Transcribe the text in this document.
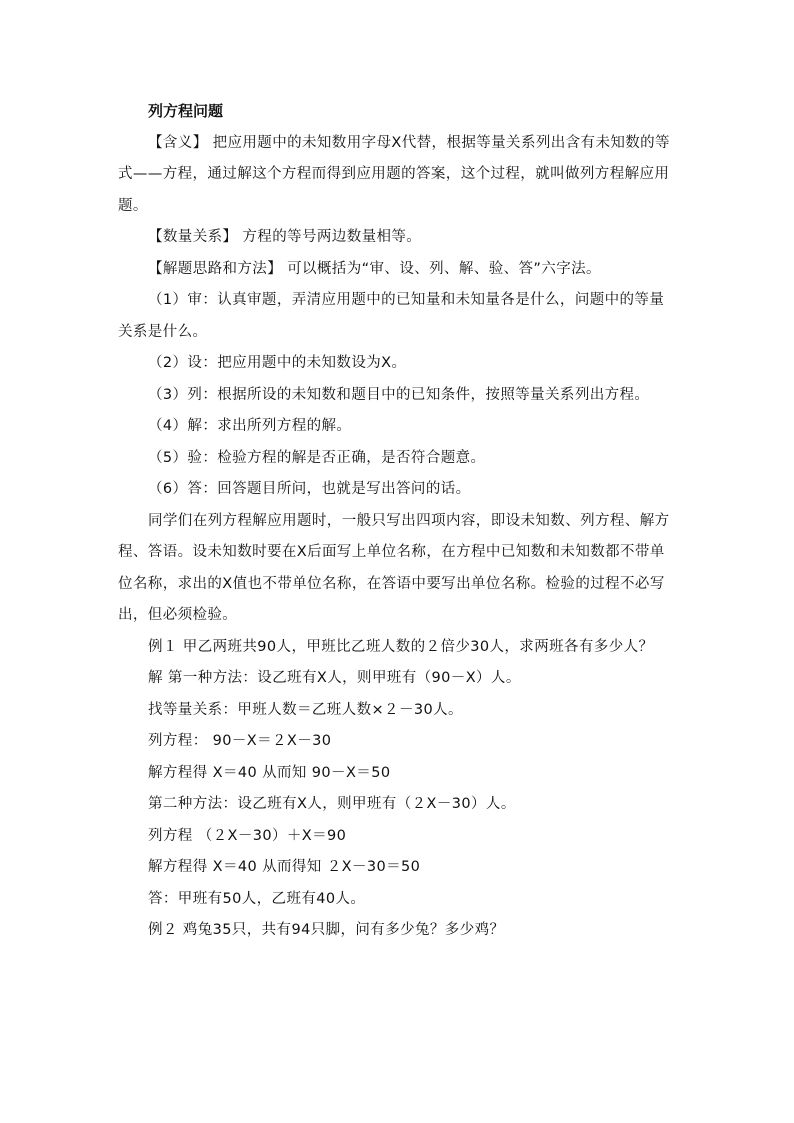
列方程问题

【含义】 把应用题中的未知数用字母Ⅹ代替，根据等量关系列出含有未知数的等式——方程，通过解这个方程而得到应用题的答案，这个过程，就叫做列方程解应用题。

【数量关系】 方程的等号两边数量相等。

【解题思路和方法】 可以概括为“审、设、列、解、验、答”六字法。

（1）审：认真审题，弄清应用题中的已知量和未知量各是什么，问题中的等量关系是什么。

（2）设：把应用题中的未知数设为Ⅹ。

（3）列：根据所设的未知数和题目中的已知条件，按照等量关系列出方程。

（4）解：求出所列方程的解。

（5）验：检验方程的解是否正确，是否符合题意。

（6）答：回答题目所问，也就是写出答问的话。

同学们在列方程解应用题时，一般只写出四项内容，即设未知数、列方程、解方程、答语。设未知数时要在Ⅹ后面写上单位名称，在方程中已知数和未知数都不带单位名称，求出的Ⅹ值也不带单位名称，在答语中要写出单位名称。检验的过程不必写出，但必须检验。

例１ 甲乙两班共90人，甲班比乙班人数的２倍少30人，求两班各有多少人？

解 第一种方法：设乙班有Ⅹ人，则甲班有（90－Ⅹ）人。

找等量关系：甲班人数＝乙班人数×２－30人。

列方程： 90－Ⅹ＝２Ⅹ－30

解方程得 Ⅹ＝40 从而知 90－Ⅹ＝50

第二种方法：设乙班有Ⅹ人，则甲班有（２Ⅹ－30）人。

列方程 （２Ⅹ－30）＋Ⅹ＝90

解方程得 Ⅹ＝40 从而得知 ２Ⅹ－30＝50

答：甲班有50人，乙班有40人。

例２ 鸡兔35只，共有94只脚，问有多少兔？多少鸡？
